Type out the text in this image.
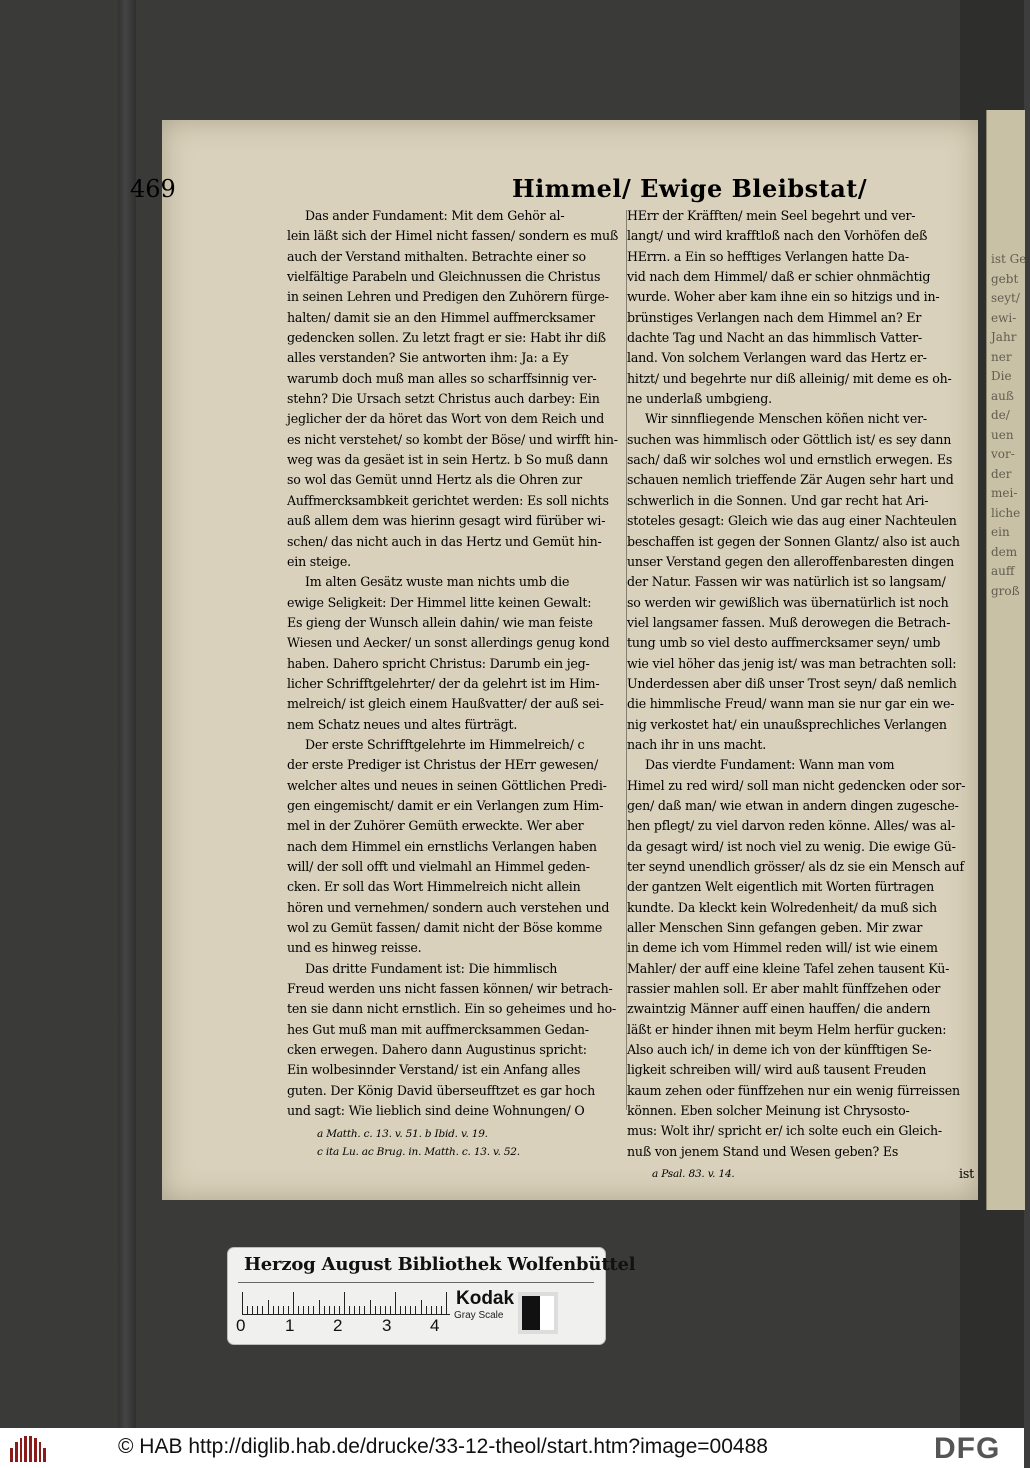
ist Ge-
gebt
seyt/
ewi-
Jahr
ner
Die
auß
de/
uen
vor-
der
mei-
liche
ein
dem
auff
groß
469	Himmel/ Ewige Bleibstat/
Das ander Fundament: Mit dem Gehör al-
lein läßt sich der Himel nicht fassen/ sondern es muß
auch der Verstand mithalten. Betrachte einer so
vielfältige Parabeln und Gleichnussen die Christus
in seinen Lehren und Predigen den Zuhörern fürge-
halten/ damit sie an den Himmel auffmercksamer
gedencken sollen. Zu letzt fragt er sie: Habt ihr diß
alles verstanden? Sie antworten ihm: Ja: a Ey
warumb doch muß man alles so scharffsinnig ver-
stehn? Die Ursach setzt Christus auch darbey: Ein
jeglicher der da höret das Wort von dem Reich und
es nicht verstehet/ so kombt der Böse/ und wirfft hin-
weg was da gesäet ist in sein Hertz. b So muß dann
so wol das Gemüt unnd Hertz als die Ohren zur
Auffmercksambkeit gerichtet werden: Es soll nichts
auß allem dem was hierinn gesagt wird fürüber wi-
schen/ das nicht auch in das Hertz und Gemüt hin-
ein steige.
Im alten Gesätz wuste man nichts umb die
ewige Seligkeit: Der Himmel litte keinen Gewalt:
Es gieng der Wunsch allein dahin/ wie man feiste
Wiesen und Aecker/ un sonst allerdings genug kond
haben. Dahero spricht Christus: Darumb ein jeg-
licher Schrifftgelehrter/ der da gelehrt ist im Him-
melreich/ ist gleich einem Haußvatter/ der auß sei-
nem Schatz neues und altes fürträgt.
Der erste Schrifftgelehrte im Himmelreich/ c
der erste Prediger ist Christus der HErr gewesen/
welcher altes und neues in seinen Göttlichen Predi-
gen eingemischt/ damit er ein Verlangen zum Him-
mel in der Zuhörer Gemüth erweckte. Wer aber
nach dem Himmel ein ernstlichs Verlangen haben
will/ der soll offt und vielmahl an Himmel geden-
cken. Er soll das Wort Himmelreich nicht allein
hören und vernehmen/ sondern auch verstehen und
wol zu Gemüt fassen/ damit nicht der Böse komme
und es hinweg reisse.
Das dritte Fundament ist: Die himmlisch
Freud werden uns nicht fassen können/ wir betrach-
ten sie dann nicht ernstlich. Ein so geheimes und ho-
hes Gut muß man mit auffmercksammen Gedan-
cken erwegen. Dahero dann Augustinus spricht:
Ein wolbesinnder Verstand/ ist ein Anfang alles
guten. Der König David überseufftzet es gar hoch
und sagt: Wie lieblich sind deine Wohnungen/ O
a Matth. c. 13. v. 51. b Ibid. v. 19.
c ita Lu. ac Brug. in. Matth. c. 13. v. 52.
HErr der Kräfften/ mein Seel begehrt und ver-
langt/ und wird krafftloß nach den Vorhöfen deß
HErrn. a Ein so hefftiges Verlangen hatte Da-
vid nach dem Himmel/ daß er schier ohnmächtig
wurde. Woher aber kam ihne ein so hitzigs und in-
brünstiges Verlangen nach dem Himmel an? Er
dachte Tag und Nacht an das himmlisch Vatter-
land. Von solchem Verlangen ward das Hertz er-
hitzt/ und begehrte nur diß alleinig/ mit deme es oh-
ne underlaß umbgieng.
Wir sinnfliegende Menschen köñen nicht ver-
suchen was himmlisch oder Göttlich ist/ es sey dann
sach/ daß wir solches wol und ernstlich erwegen. Es
schauen nemlich trieffende Zär Augen sehr hart und
schwerlich in die Sonnen. Und gar recht hat Ari-
stoteles gesagt: Gleich wie das aug einer Nachteulen
beschaffen ist gegen der Sonnen Glantz/ also ist auch
unser Verstand gegen den alleroffenbaresten dingen
der Natur. Fassen wir was natürlich ist so langsam/
so werden wir gewißlich was übernatürlich ist noch
viel langsamer fassen. Muß derowegen die Betrach-
tung umb so viel desto auffmercksamer seyn/ umb
wie viel höher das jenig ist/ was man betrachten soll:
Underdessen aber diß unser Trost seyn/ daß nemlich
die himmlische Freud/ wann man sie nur gar ein we-
nig verkostet hat/ ein unaußsprechliches Verlangen
nach ihr in uns macht.
Das vierdte Fundament: Wann man vom
Himel zu red wird/ soll man nicht gedencken oder sor-
gen/ daß man/ wie etwan in andern dingen zugesche-
hen pflegt/ zu viel darvon reden könne. Alles/ was al-
da gesagt wird/ ist noch viel zu wenig. Die ewige Gü-
ter seynd unendlich grösser/ als dz sie ein Mensch auf
der gantzen Welt eigentlich mit Worten fürtragen
kundte. Da kleckt kein Wolredenheit/ da muß sich
aller Menschen Sinn gefangen geben. Mir zwar
in deme ich vom Himmel reden will/ ist wie einem
Mahler/ der auff eine kleine Tafel zehen tausent Kü-
rassier mahlen soll. Er aber mahlt fünffzehen oder
zwaintzig Männer auff einen hauffen/ die andern
läßt er hinder ihnen mit beym Helm herfür gucken:
Also auch ich/ in deme ich von der künfftigen Se-
ligkeit schreiben will/ wird auß tausent Freuden
kaum zehen oder fünffzehen nur ein wenig fürreissen
können. Eben solcher Meinung ist Chrysosto-
mus: Wolt ihr/ spricht er/ ich solte euch ein Gleich-
nuß von jenem Stand und Wesen geben? Es
a Psal. 83. v. 14.	ist
Herzog August Bibliothek Wolfenbüttel
0 1 2 3 4
Kodak
Gray Scale
© HAB http://diglib.hab.de/drucke/33-12-theol/start.htm?image=00488	DFG
